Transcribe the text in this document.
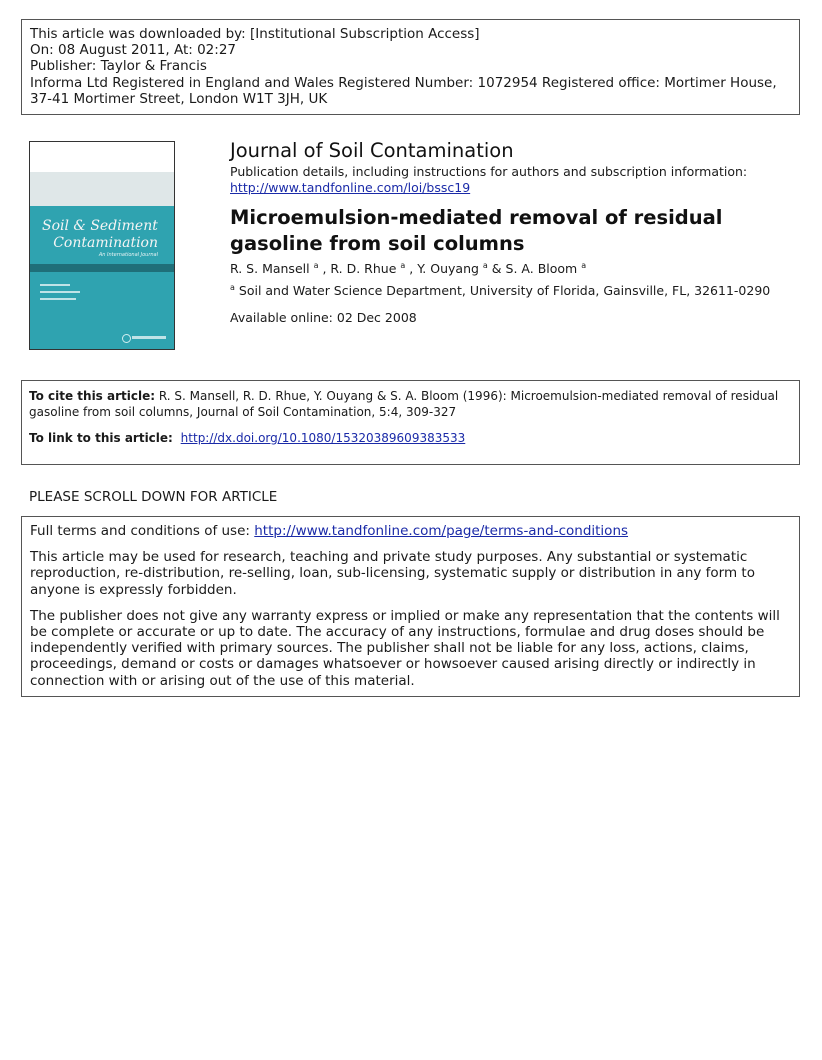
This article was downloaded by: [Institutional Subscription Access]
On: 08 August 2011, At: 02:27
Publisher: Taylor & Francis
Informa Ltd Registered in England and Wales Registered Number: 1072954 Registered office: Mortimer House,
37-41 Mortimer Street, London W1T 3JH, UK
Soil & Sediment
Contamination
An International Journal
Journal of Soil Contamination
Publication details, including instructions for authors and subscription information:
http://www.tandfonline.com/loi/bssc19
Microemulsion‐mediated removal of residual gasoline from soil columns
R. S. Mansell $^a$ , R. D. Rhue $^a$ , Y. Ouyang $^a$ & S. A. Bloom $^a$
$^a$ Soil and Water Science Department, University of Florida, Gainsville, FL, 32611‐0290
Available online: 02 Dec 2008
To cite this article: R. S. Mansell, R. D. Rhue, Y. Ouyang & S. A. Bloom (1996): Microemulsion‐mediated removal of residual gasoline from soil columns, Journal of Soil Contamination, 5:4, 309-327
To link to this article: http://dx.doi.org/10.1080/15320389609383533
PLEASE SCROLL DOWN FOR ARTICLE

Full terms and conditions of use: http://www.tandfonline.com/page/terms-and-conditions

This article may be used for research, teaching and private study purposes. Any substantial or systematic reproduction, re-distribution, re-selling, loan, sub-licensing, systematic supply or distribution in any form to anyone is expressly forbidden.

The publisher does not give any warranty express or implied or make any representation that the contents will be complete or accurate or up to date. The accuracy of any instructions, formulae and drug doses should be independently verified with primary sources. The publisher shall not be liable for any loss, actions, claims, proceedings, demand or costs or damages whatsoever or howsoever caused arising directly or indirectly in connection with or arising out of the use of this material.
